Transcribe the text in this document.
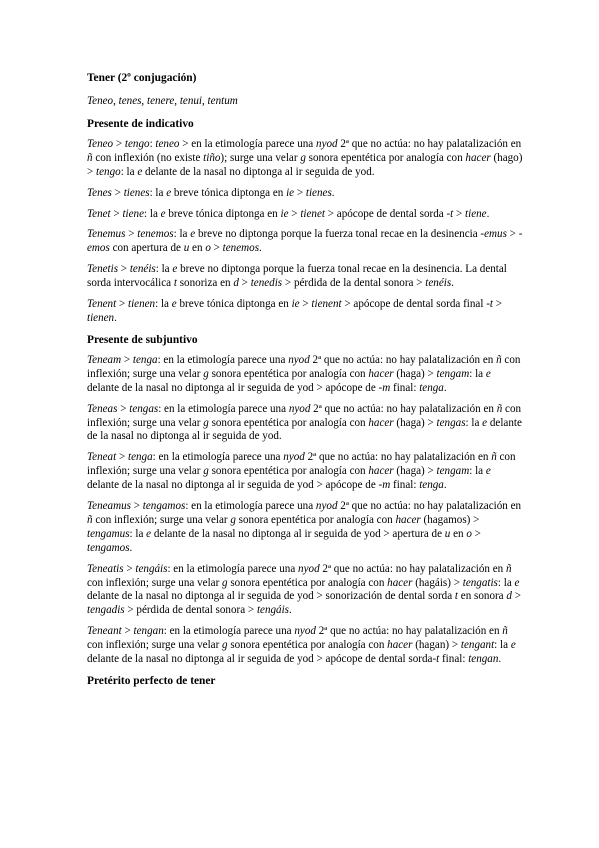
Tener (2º conjugación)

Teneo, tenes, tenere, tenui, tentum

Presente de indicativo

Teneo > tengo: teneo > en la etimología parece una nyod 2ª que no actúa: no hay palatalización en ñ con inflexión (no existe tiño); surge una velar g sonora epentética por analogía con hacer (hago) > tengo: la e delante de la nasal no diptonga al ir seguida de yod.

Tenes > tienes: la e breve tónica diptonga en ie > tienes.

Tenet > tiene: la e breve tónica diptonga en ie > tienet > apócope de dental sorda -t > tiene.

Tenemus > tenemos: la e breve no diptonga porque la fuerza tonal recae en la desinencia -emus > -emos con apertura de u en o > tenemos.

Tenetis > tenéis: la e breve no diptonga porque la fuerza tonal recae en la desinencia. La dental sorda intervocálica t sonoriza en d > tenedis > pérdida de la dental sonora > tenéis.

Tenent > tienen: la e breve tónica diptonga en ie > tienent > apócope de dental sorda final -t > tienen.

Presente de subjuntivo

Teneam > tenga: en la etimología parece una nyod 2ª que no actúa: no hay palatalización en ñ con inflexión; surge una velar g sonora epentética por analogía con hacer (haga) > tengam: la e delante de la nasal no diptonga al ir seguida de yod > apócope de -m final: tenga.

Teneas > tengas: en la etimología parece una nyod 2ª que no actúa: no hay palatalización en ñ con inflexión; surge una velar g sonora epentética por analogía con hacer (haga) > tengas: la e delante de la nasal no diptonga al ir seguida de yod.

Teneat > tenga: en la etimología parece una nyod 2ª que no actúa: no hay palatalización en ñ con inflexión; surge una velar g sonora epentética por analogía con hacer (haga) > tengam: la e delante de la nasal no diptonga al ir seguida de yod > apócope de -m final: tenga.

Teneamus > tengamos: en la etimología parece una nyod 2ª que no actúa: no hay palatalización en ñ con inflexión; surge una velar g sonora epentética por analogía con hacer (hagamos) > tengamus: la e delante de la nasal no diptonga al ir seguida de yod > apertura de u en o > tengamos.

Teneatis > tengáis: en la etimología parece una nyod 2ª que no actúa: no hay palatalización en ñ con inflexión; surge una velar g sonora epentética por analogía con hacer (hagáis) > tengatis: la e delante de la nasal no diptonga al ir seguida de yod > sonorización de dental sorda t en sonora d > tengadis > pérdida de dental sonora > tengáis.

Teneant > tengan: en la etimología parece una nyod 2ª que no actúa: no hay palatalización en ñ con inflexión; surge una velar g sonora epentética por analogía con hacer (hagan) > tengant: la e delante de la nasal no diptonga al ir seguida de yod > apócope de dental sorda-t final: tengan.

Pretérito perfecto de tener
